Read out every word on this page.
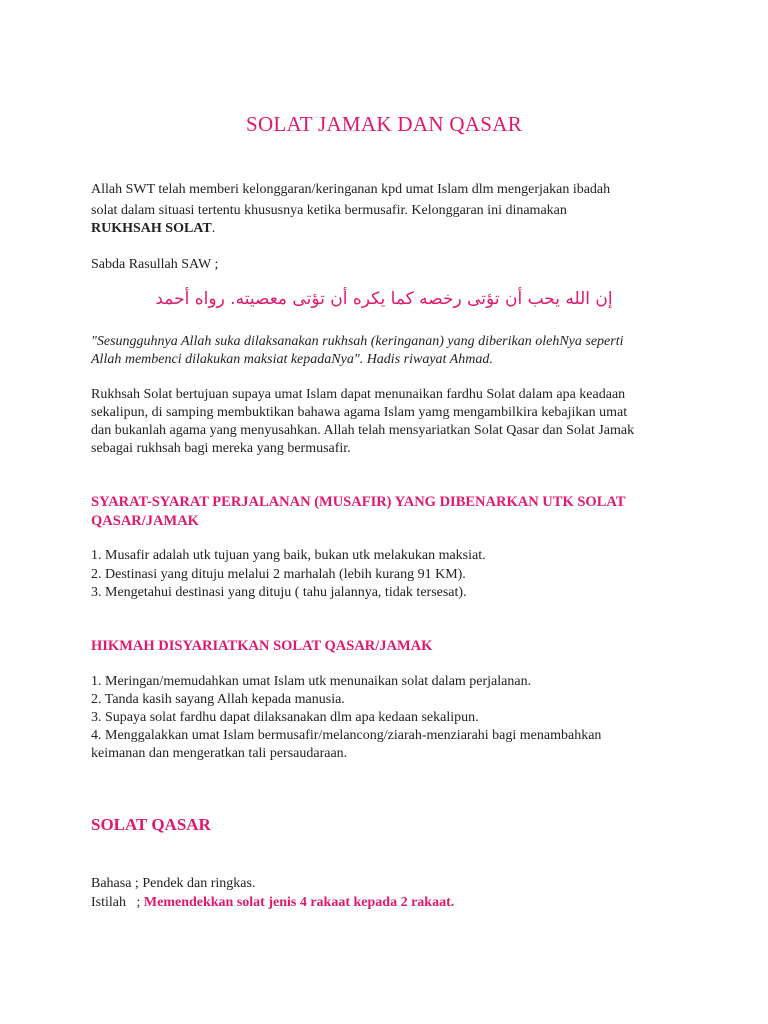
SOLAT JAMAK DAN QASAR
Allah SWT telah memberi kelonggaran/keringanan kpd umat Islam dlm mengerjakan ibadah
solat dalam situasi tertentu khususnya ketika bermusafir. Kelonggaran ini dinamakan
RUKHSAH SOLAT.
Sabda Rasullah SAW ;
إن الله يحب أن تؤتى رخصه كما يكره أن تؤتى معصيته. رواه أحمد
"Sesungguhnya Allah suka dilaksanakan rukhsah (keringanan) yang diberikan olehNya seperti
Allah membenci dilakukan maksiat kepadaNya". Hadis riwayat Ahmad.
Rukhsah Solat bertujuan supaya umat Islam dapat menunaikan fardhu Solat dalam apa keadaan
sekalipun, di samping membuktikan bahawa agama Islam yamg mengambilkira kebajikan umat
dan bukanlah agama yang menyusahkan. Allah telah mensyariatkan Solat Qasar dan Solat Jamak
sebagai rukhsah bagi mereka yang bermusafir.
SYARAT-SYARAT PERJALANAN (MUSAFIR) YANG DIBENARKAN UTK SOLAT
QASAR/JAMAK
1. Musafir adalah utk tujuan yang baik, bukan utk melakukan maksiat.
2. Destinasi yang dituju melalui 2 marhalah (lebih kurang 91 KM).
3. Mengetahui destinasi yang dituju ( tahu jalannya, tidak tersesat).
HIKMAH DISYARIATKAN SOLAT QASAR/JAMAK
1. Meringan/memudahkan umat Islam utk menunaikan solat dalam perjalanan.
2. Tanda kasih sayang Allah kepada manusia.
3. Supaya solat fardhu dapat dilaksanakan dlm apa kedaan sekalipun.
4. Menggalakkan umat Islam bermusafir/melancong/ziarah-menziarahi bagi menambahkan
keimanan dan mengeratkan tali persaudaraan.
SOLAT QASAR
Bahasa ; Pendek dan ringkas.
Istilah   ; Memendekkan solat jenis 4 rakaat kepada 2 rakaat.
